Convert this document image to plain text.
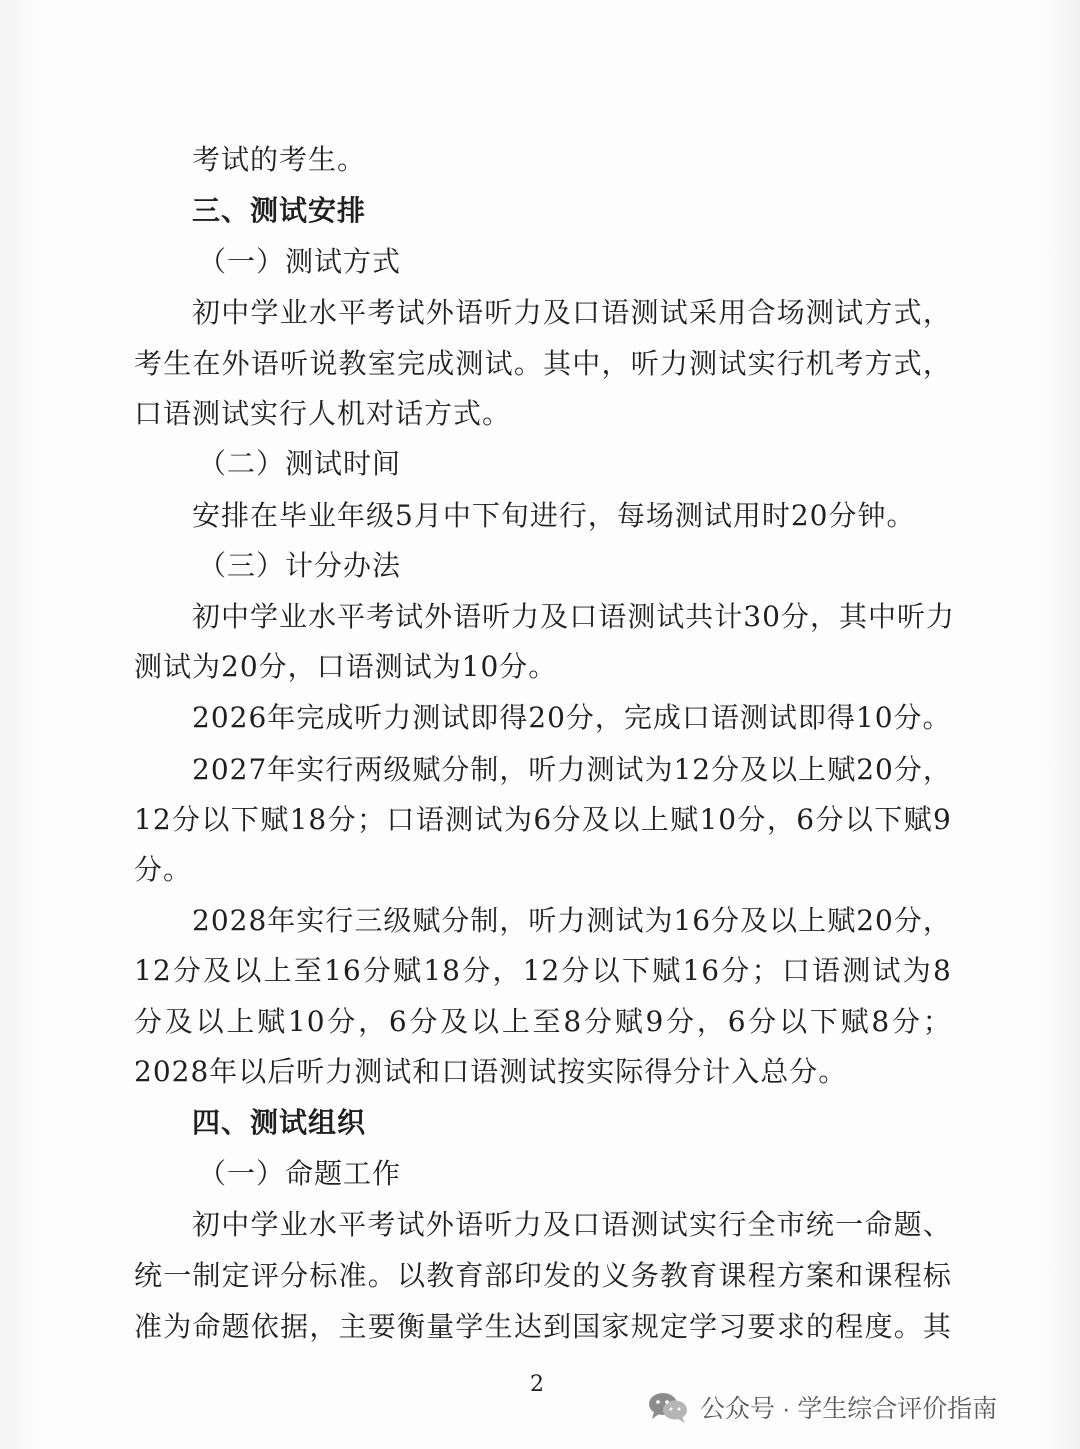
考试的考生。
三、测试安排
（一）测试方式
初 中 学 业 水 平 考 试 外 语 听 力 及 口 语 测 试 采 用 合 场 测 试 方 式 ，
考 生 在 外 语 听 说 教 室 完 成 测 试 。 其 中 ， 听 力 测 试 实 行 机 考 方 式 ，
口语测试实行人机对话方式。
（二）测试时间
安排在毕业年级5月中下旬进行，每场测试用时20分钟。
（三）计分办法
初 中 学 业 水 平 考 试 外 语 听 力 及 口 语 测 试 共 计 30 分 ， 其 中 听 力
测试为20分，口语测试为10分。
2026年完成听力测试即得20分，完成口语测试即得10分。
2027 年 实 行 两 级 赋 分 制 ， 听 力 测 试 为 12 分 及 以 上 赋 20 分 ，
12 分 以 下 赋 18 分 ； 口 语 测 试 为 6 分 及 以 上 赋 10 分 ， 6 分 以 下 赋 9
分。
2028 年 实 行 三 级 赋 分 制 ， 听 力 测 试 为 16 分 及 以 上 赋 20 分 ，
12 分 及 以 上 至 16 分 赋 18 分 ， 12 分 以 下 赋 16 分 ； 口 语 测 试 为 8
分 及 以 上 赋 10 分 ， 6 分 及 以 上 至 8 分 赋 9 分 ， 6 分 以 下 赋 8 分 ；
2028年以后听力测试和口语测试按实际得分计入总分。
四、测试组织
（一）命题工作
初 中 学 业 水 平 考 试 外 语 听 力 及 口 语 测 试 实 行 全 市 统 一 命 题 、
统 一 制 定 评 分 标 准 。 以 教 育 部 印 发 的 义 务 教 育 课 程 方 案 和 课 程 标
准 为 命 题 依 据 ， 主 要 衡 量 学 生 达 到 国 家 规 定 学 习 要 求 的 程 度 。 其
2
公众号 · 学生综合评价指南
